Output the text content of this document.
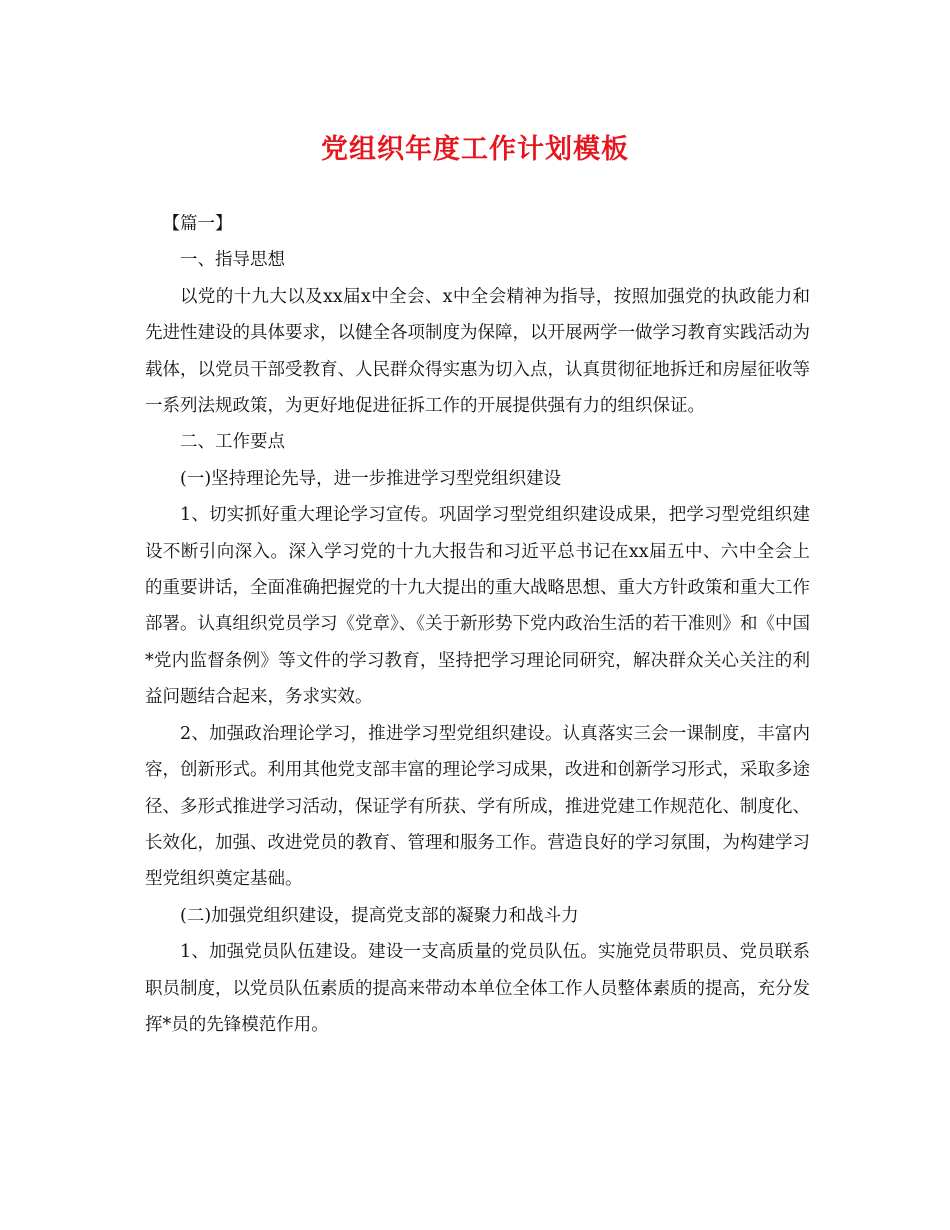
党组织年度工作计划模板

【篇一】

一、指导思想

以党的十九大以及xx届x中全会、x中全会精神为指导，按照加强党的执政能力和先进性建设的具体要求，以健全各项制度为保障，以开展两学一做学习教育实践活动为载体，以党员干部受教育、人民群众得实惠为切入点，认真贯彻征地拆迁和房屋征收等一系列法规政策，为更好地促进征拆工作的开展提供强有力的组织保证。

二、工作要点

(一)坚持理论先导，进一步推进学习型党组织建设

1、切实抓好重大理论学习宣传。巩固学习型党组织建设成果，把学习型党组织建设不断引向深入。深入学习党的十九大报告和习近平总书记在xx届五中、六中全会上的重要讲话，全面准确把握党的十九大提出的重大战略思想、重大方针政策和重大工作部署。认真组织党员学习《党章》、《关于新形势下党内政治生活的若干准则》和《中国*党内监督条例》等文件的学习教育，坚持把学习理论同研究，解决群众关心关注的利益问题结合起来，务求实效。

2、加强政治理论学习，推进学习型党组织建设。认真落实三会一课制度，丰富内容，创新形式。利用其他党支部丰富的理论学习成果，改进和创新学习形式，采取多途径、多形式推进学习活动，保证学有所获、学有所成，推进党建工作规范化、制度化、长效化，加强、改进党员的教育、管理和服务工作。营造良好的学习氛围，为构建学习型党组织奠定基础。

(二)加强党组织建设，提高党支部的凝聚力和战斗力

1、加强党员队伍建设。建设一支高质量的党员队伍。实施党员带职员、党员联系职员制度，以党员队伍素质的提高来带动本单位全体工作人员整体素质的提高，充分发挥*员的先锋模范作用。
